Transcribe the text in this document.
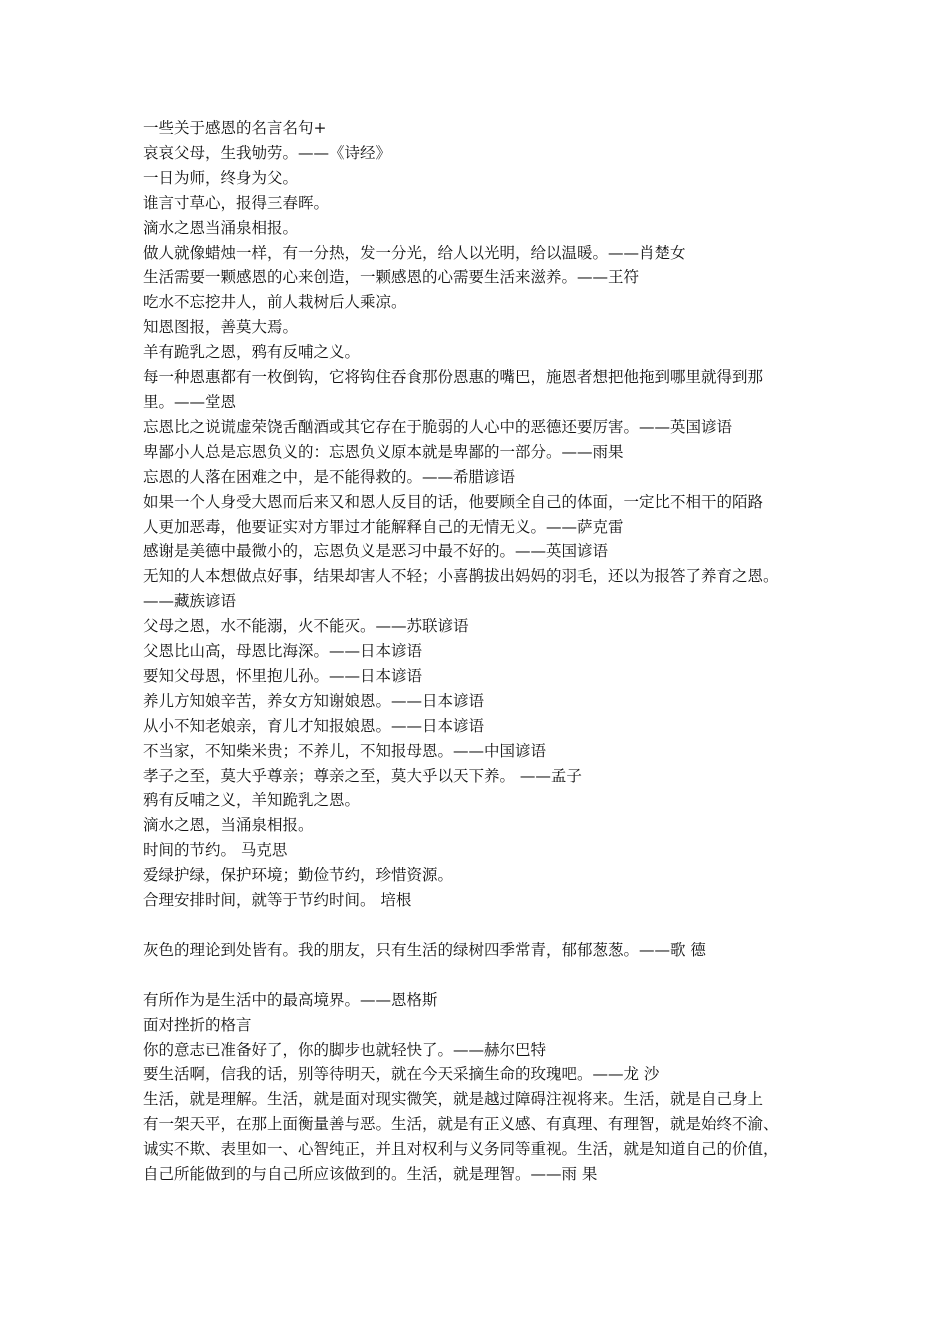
一些关于感恩的名言名句+

哀哀父母，生我劬劳。——《诗经》

一日为师，终身为父。

谁言寸草心，报得三春晖。

滴水之恩当涌泉相报。

做人就像蜡烛一样，有一分热，发一分光，给人以光明，给以温暖。——肖楚女

生活需要一颗感恩的心来创造，一颗感恩的心需要生活来滋养。——王符

吃水不忘挖井人，前人栽树后人乘凉。

知恩图报，善莫大焉。

羊有跪乳之恩，鸦有反哺之义。

每一种恩惠都有一枚倒钩，它将钩住吞食那份恩惠的嘴巴，施恩者想把他拖到哪里就得到那

里。——堂恩

忘恩比之说谎虚荣饶舌酗酒或其它存在于脆弱的人心中的恶德还要厉害。——英国谚语

卑鄙小人总是忘恩负义的：忘恩负义原本就是卑鄙的一部分。——雨果

忘恩的人落在困难之中，是不能得救的。——希腊谚语

如果一个人身受大恩而后来又和恩人反目的话，他要顾全自己的体面，一定比不相干的陌路

人更加恶毒，他要证实对方罪过才能解释自己的无情无义。——萨克雷

感谢是美德中最微小的，忘恩负义是恶习中最不好的。——英国谚语

无知的人本想做点好事，结果却害人不轻；小喜鹊拔出妈妈的羽毛，还以为报答了养育之恩。

——藏族谚语

父母之恩，水不能溺，火不能灭。——苏联谚语

父恩比山高，母恩比海深。——日本谚语

要知父母恩，怀里抱儿孙。——日本谚语

养儿方知娘辛苦，养女方知谢娘恩。——日本谚语

从小不知老娘亲，育儿才知报娘恩。——日本谚语

不当家，不知柴米贵；不养儿，不知报母恩。——中国谚语

孝子之至，莫大乎尊亲；尊亲之至，莫大乎以天下养。 ——孟子

鸦有反哺之义，羊知跪乳之恩。

滴水之恩，当涌泉相报。

时间的节约。 马克思

爱绿护绿，保护环境；勤俭节约，珍惜资源。

合理安排时间，就等于节约时间。 培根

灰色的理论到处皆有。我的朋友，只有生活的绿树四季常青，郁郁葱葱。——歌 德

有所作为是生活中的最高境界。——恩格斯

面对挫折的格言

你的意志已准备好了，你的脚步也就轻快了。——赫尔巴特

要生活啊，信我的话，别等待明天，就在今天采摘生命的玫瑰吧。——龙 沙

生活，就是理解。生活，就是面对现实微笑，就是越过障碍注视将来。生活，就是自己身上

有一架天平，在那上面衡量善与恶。生活，就是有正义感、有真理、有理智，就是始终不渝、

诚实不欺、表里如一、心智纯正，并且对权利与义务同等重视。生活，就是知道自己的价值，

自己所能做到的与自己所应该做到的。生活，就是理智。——雨 果
